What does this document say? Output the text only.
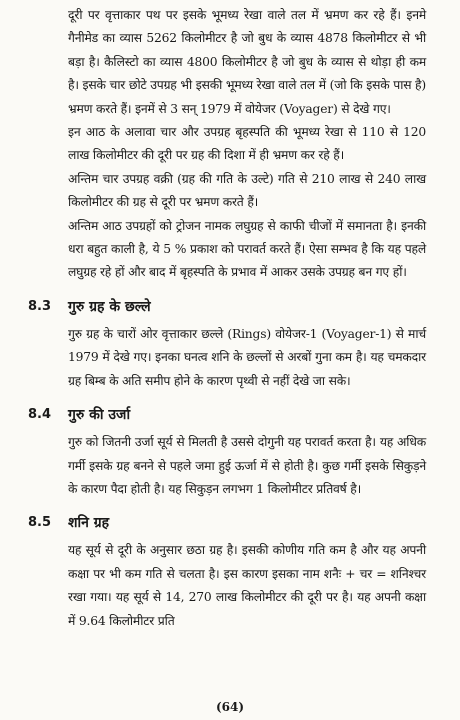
दूरी पर वृत्ताकार पथ पर इसके भूमध्य रेखा वाले तल में भ्रमण कर रहे हैं। इनमे गैनीमेड का व्यास 5262 किलोमीटर है जो बुध के व्यास 4878 किलोमीटर से भी बड़ा है। कैलिस्टो का व्यास 4800 किलोमीटर है जो बुध के व्यास से थोड़ा ही कम है। इसके चार छोटे उपग्रह भी इसकी भूमध्य रेखा वाले तल में (जो कि इसके पास है) भ्रमण करते हैं। इनमें से 3 सन् 1979 में वोयेजर (Voyager) से देखे गए।

इन आठ के अलावा चार और उपग्रह बृहस्पति की भूमध्य रेखा से 110 से 120 लाख किलोमीटर की दूरी पर ग्रह की दिशा में ही भ्रमण कर रहे हैं।

अन्तिम चार उपग्रह वक्री (ग्रह की गति के उल्टे) गति से 210 लाख से 240 लाख किलोमीटर की ग्रह से दूरी पर भ्रमण करते हैं।

अन्तिम आठ उपग्रहों को ट्रोजन नामक लघुग्रह से काफी चीजों में समानता है। इनकी धरा बहुत काली है, ये 5 % प्रकाश को परावर्त करते हैं। ऐसा सम्भव है कि यह पहले लघुग्रह रहे हों और बाद में बृहस्पति के प्रभाव में आकर उसके उपग्रह बन गए हों।

8.3 गुरु ग्रह के छल्ले

गुरु ग्रह के चारों ओर वृत्ताकार छल्ले (Rings) वोयेजर-1 (Voyager-1) से मार्च 1979 में देखे गए। इनका घनत्व शनि के छल्लों से अरबों गुना कम है। यह चमकदार ग्रह बिम्ब के अति समीप होने के कारण पृथ्वी से नहीं देखे जा सके।

8.4 गुरु की उर्जा

गुरु को जितनी उर्जा सूर्य से मिलती है उससे दोगुनी यह परावर्त करता है। यह अधिक गर्मी इसके ग्रह बनने से पहले जमा हुई ऊर्जा में से होती है। कुछ गर्मी इसके सिकुड़ने के कारण पैदा होती है। यह सिकुड़न लगभग 1 किलोमीटर प्रतिवर्ष है।

8.5 शनि ग्रह

यह सूर्य से दूरी के अनुसार छठा ग्रह है। इसकी कोणीय गति कम है और यह अपनी कक्षा पर भी कम गति से चलता है। इस कारण इसका नाम शनैः + चर = शनिश्चर रखा गया। यह सूर्य से 14, 270 लाख किलोमीटर की दूरी पर है। यह अपनी कक्षा में 9.64 किलोमीटर प्रति

(64)
